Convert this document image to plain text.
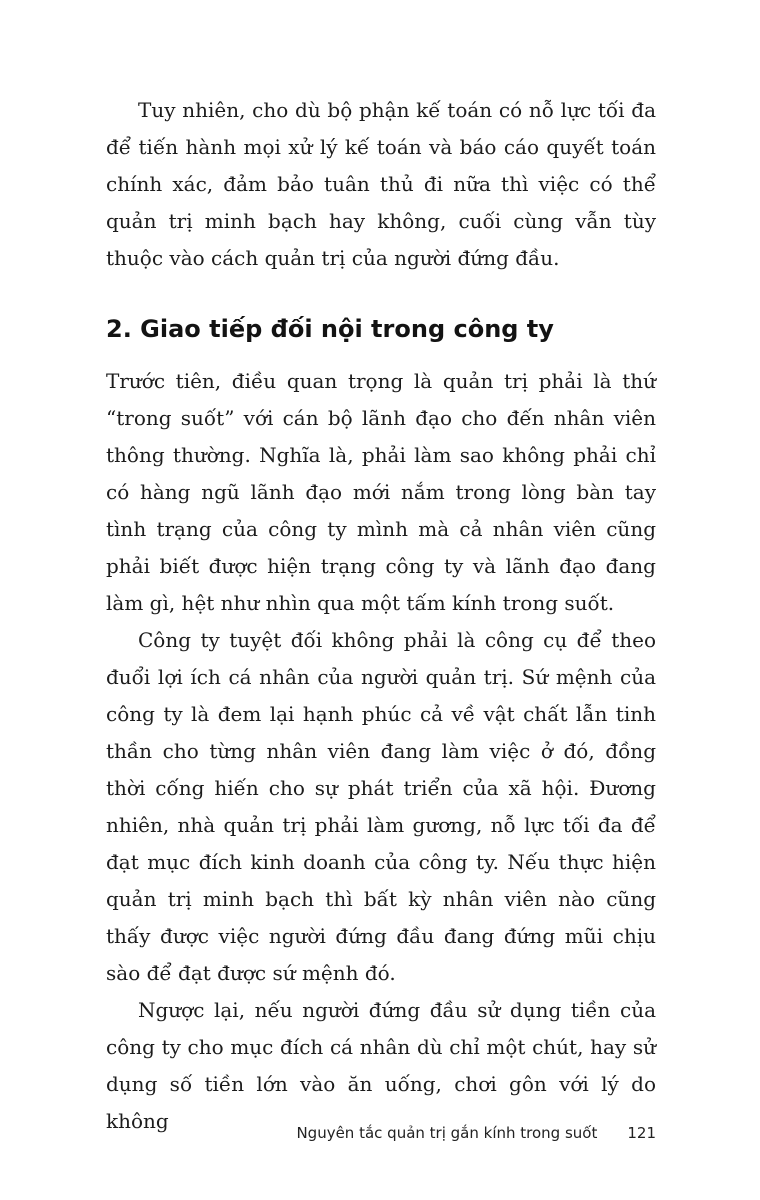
Tuy nhiên, cho dù bộ phận kế toán có nỗ lực tối đa để tiến hành mọi xử lý kế toán và báo cáo quyết toán chính xác, đảm bảo tuân thủ đi nữa thì việc có thể quản trị minh bạch hay không, cuối cùng vẫn tùy thuộc vào cách quản trị của người đứng đầu.

2. Giao tiếp đối nội trong công ty

Trước tiên, điều quan trọng là quản trị phải là thứ “trong suốt” với cán bộ lãnh đạo cho đến nhân viên thông thường. Nghĩa là, phải làm sao không phải chỉ có hàng ngũ lãnh đạo mới nắm trong lòng bàn tay tình trạng của công ty mình mà cả nhân viên cũng phải biết được hiện trạng công ty và lãnh đạo đang làm gì, hệt như nhìn qua một tấm kính trong suốt.

Công ty tuyệt đối không phải là công cụ để theo đuổi lợi ích cá nhân của người quản trị. Sứ mệnh của công ty là đem lại hạnh phúc cả về vật chất lẫn tinh thần cho từng nhân viên đang làm việc ở đó, đồng thời cống hiến cho sự phát triển của xã hội. Đương nhiên, nhà quản trị phải làm gương, nỗ lực tối đa để đạt mục đích kinh doanh của công ty. Nếu thực hiện quản trị minh bạch thì bất kỳ nhân viên nào cũng thấy được việc người đứng đầu đang đứng mũi chịu sào để đạt được sứ mệnh đó.

Ngược lại, nếu người đứng đầu sử dụng tiền của công ty cho mục đích cá nhân dù chỉ một chút, hay sử dụng số tiền lớn vào ăn uống, chơi gôn với lý do không	Nguyên tắc quản trị gắn kính trong suốt 121
